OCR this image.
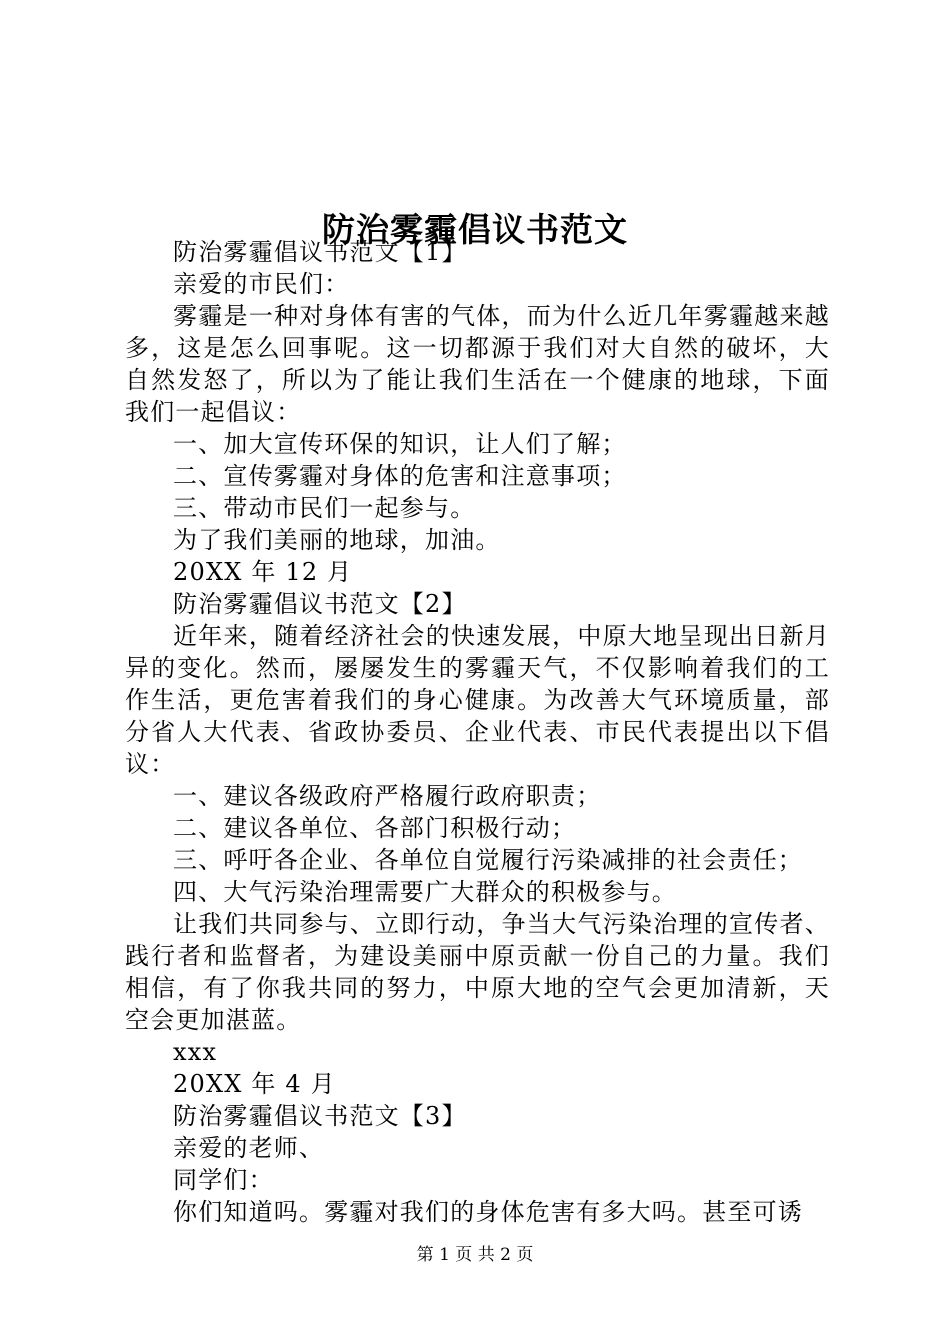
防治雾霾倡议书范文

防治雾霾倡议书范文【1】

亲爱的市民们：

雾霾是一种对身体有害的气体，而为什么近几年雾霾越来越多，这是怎么回事呢。这一切都源于我们对大自然的破坏，大自然发怒了，所以为了能让我们生活在一个健康的地球，下面我们一起倡议：

一、加大宣传环保的知识，让人们了解；

二、宣传雾霾对身体的危害和注意事项；

三、带动市民们一起参与。

为了我们美丽的地球，加油。

20XX 年 12 月

防治雾霾倡议书范文【2】

近年来，随着经济社会的快速发展，中原大地呈现出日新月异的变化。然而，屡屡发生的雾霾天气，不仅影响着我们的工作生活，更危害着我们的身心健康。为改善大气环境质量，部分省人大代表、省政协委员、企业代表、市民代表提出以下倡议：

一、建议各级政府严格履行政府职责；

二、建议各单位、各部门积极行动；

三、呼吁各企业、各单位自觉履行污染减排的社会责任；

四、大气污染治理需要广大群众的积极参与。

让我们共同参与、立即行动，争当大气污染治理的宣传者、践行者和监督者，为建设美丽中原贡献一份自己的力量。我们相信，有了你我共同的努力，中原大地的空气会更加清新，天空会更加湛蓝。

xxx

20XX 年 4 月

防治雾霾倡议书范文【3】

亲爱的老师、

同学们：

你们知道吗。雾霾对我们的身体危害有多大吗。甚至可诱

第 1 页 共 2 页
